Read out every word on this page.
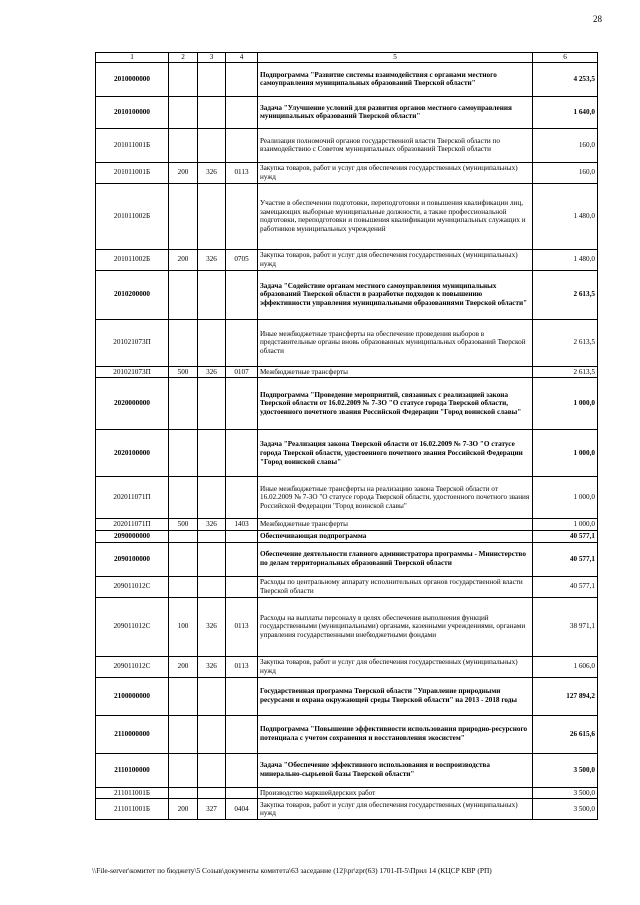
28
1	2	3	4	5	6
2010000000				Подпрограмма "Развитие системы взаимодействия с органами местного самоуправления муниципальных образований Тверской области"	4 253,5
2010100000				Задача "Улучшение условий для развития органов местного самоуправления муниципальных образований Тверской области"	1 640,0
201011001Б				Реализация полномочий органов государственной власти Тверской области по взаимодействию с Советом муниципальных образований Тверской области	160,0
201011001Б	200	326	0113	Закупка товаров, работ и услуг для обеспечения государственных (муниципальных) нужд	160,0
201011002Б				Участие в обеспечении подготовки, переподготовки и повышения квалификации лиц, замещающих выборные муниципальные должности, а также профессиональной подготовки, переподготовки и повышения квалификации муниципальных служащих и работников муниципальных учреждений	1 480,0
201011002Б	200	326	0705	Закупка товаров, работ и услуг для обеспечения государственных (муниципальных) нужд	1 480,0
2010200000				Задача "Содействие органам местного самоуправления муниципальных образований Тверской области в разработке подходов к повышению эффективности управления муниципальными образованиями Тверской области"	2 613,5
201021073П				Иные межбюджетные трансферты на обеспечение проведения выборов в представительные органы вновь образованных муниципальных образований Тверской области	2 613,5
201021073П	500	326	0107	Межбюджетные трансферты	2 613,5
2020000000				Подпрограмма "Проведение мероприятий, связанных с реализацией закона Тверской области от 16.02.2009 № 7-ЗО "О статусе города Тверской области, удостоенного почетного звания Российской Федерации "Город воинской славы"	1 000,0
2020100000				Задача "Реализация закона Тверской области от 16.02.2009 № 7-ЗО "О статусе города Тверской области, удостоенного почетного звания Российской Федерации "Город воинской славы"	1 000,0
202011071П				Иные межбюджетные трансферты на реализацию закона Тверской области от 16.02.2009 № 7-ЗО "О статусе города Тверской области, удостоенного почетного звания Российской Федерации "Город воинской славы"	1 000,0
202011071П	500	326	1403	Межбюджетные трансферты	1 000,0
2090000000				Обеспечивающая подпрограмма	40 577,1
2090100000				Обеспечение деятельности главного администратора программы - Министерство по делам территориальных образований Тверской области	40 577,1
209011012С				Расходы по центральному аппарату исполнительных органов государственной власти Тверской области	40 577,1
209011012С	100	326	0113	Расходы на выплаты персоналу в целях обеспечения выполнения функций государственными (муниципальными) органами, казенными учреждениями, органами управления государственными внебюджетными фондами	38 971,1
209011012С	200	326	0113	Закупка товаров, работ и услуг для обеспечения государственных (муниципальных) нужд	1 606,0
2100000000				Государственная программа Тверской области "Управление природными ресурсами и охрана окружающей среды Тверской области" на 2013 - 2018 годы	127 894,2
2110000000				Подпрограмма "Повышение эффективности использования природно-ресурсного потенциала с учетом сохранения и восстановления экосистем"	26 615,6
2110100000				Задача "Обеспечение эффективного использования и воспроизводства минерально-сырьевой базы Тверской области"	3 500,0
211011001Б				Производство маркшейдерских работ	3 500,0
211011001Б	200	327	0404	Закупка товаров, работ и услуг для обеспечения государственных (муниципальных) нужд	3 500,0
\\File-server\комитет по бюджету\5 Созыв\документы комитета\63 заседание (12)\pr\zpr(63) 1701-П-5\Прил 14 (КЦСР КВР (РП)
